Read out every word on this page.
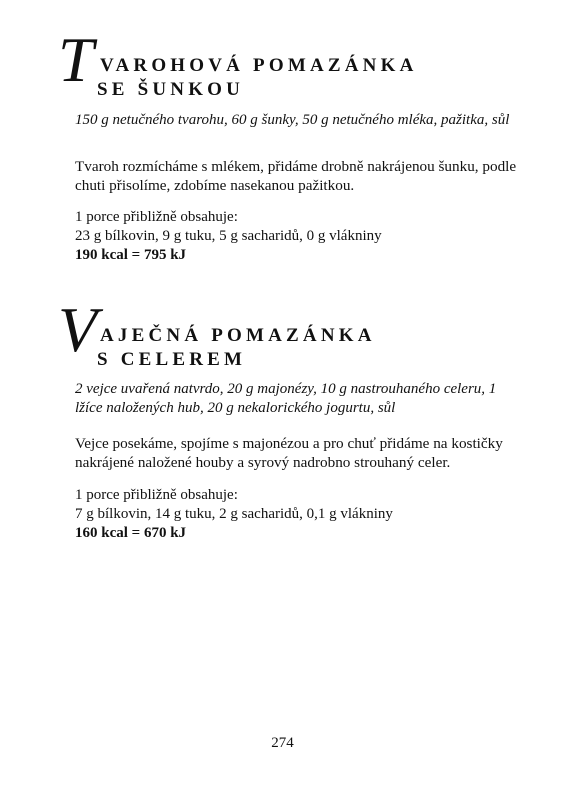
T VAROHOVÁ POMAZÁNKA
SE ŠUNKOU
150 g netučného tvarohu, 60 g šunky, 50 g netučného mléka, pažitka, sůl
Tvaroh rozmícháme s mlékem, přidáme drobně nakrájenou šunku, podle chuti přisolíme, zdobíme nasekanou pažitkou.
1 porce přibližně obsahuje:
23 g bílkovin, 9 g tuku, 5 g sacharidů, 0 g vlákniny
190 kcal = 795 kJ
V AJEČNÁ POMAZÁNKA
S CELEREM
2 vejce uvařená natvrdo, 20 g majonézy, 10 g nastrouhaného celeru, 1 lžíce naložených hub, 20 g nekalorického jogurtu, sůl
Vejce posekáme, spojíme s majonézou a pro chuť přidáme na kostičky nakrájené naložené houby a syrový nadrobno strouhaný celer.
1 porce přibližně obsahuje:
7 g bílkovin, 14 g tuku, 2 g sacharidů, 0,1 g vlákniny
160 kcal = 670 kJ
274
